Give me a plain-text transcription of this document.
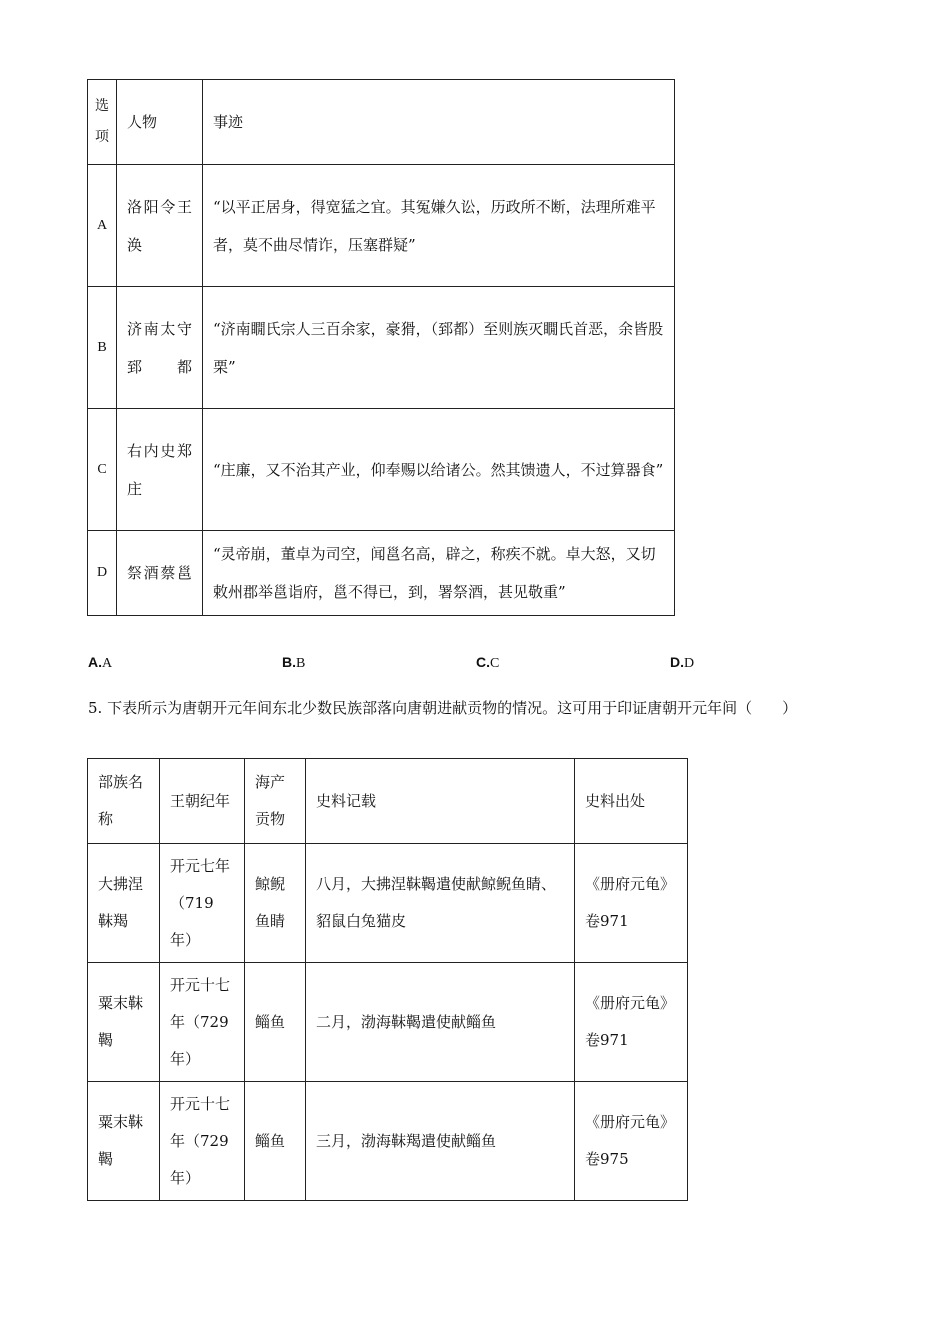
选项	人物	事迹
A	洛阳令王涣	“以平正居身，得宽猛之宜。其冤嫌久讼，历政所不断，法理所难平者，莫不曲尽情诈，压塞群疑”
B	济南太守郅都	“济南瞯氏宗人三百余家，豪猾，（郅都）至则族灭瞯氏首恶，余皆股栗”
C	右内史郑庄	“庄廉，又不治其产业，仰奉赐以给诸公。然其馈遗人，不过算器食”
D	祭酒蔡邕	“灵帝崩，董卓为司空，闻邕名高，辟之，称疾不就。卓大怒，又切敕州郡举邕诣府，邕不得已，到，署祭酒，甚见敬重”
A.A	B.B	C.C	D.D
5. 下表所示为唐朝开元年间东北少数民族部落向唐朝进献贡物的情况。这可用于印证唐朝开元年间（　　）
部族名称	王朝纪年	海产贡物	史料记载	史料出处
大拂涅靺羯	开元七年（719年）	鲸鲵鱼睛	八月，大拂涅靺鞨遣使献鲸鲵鱼睛、貂鼠白兔猫皮	《册府元龟》卷971
粟末靺鞨	开元十七年（729年）	鲻鱼	二月，渤海靺鞨遣使献鲻鱼	《册府元龟》卷971
粟末靺鞨	开元十七年（729年）	鲻鱼	三月，渤海靺羯遣使献鲻鱼	《册府元龟》卷975
